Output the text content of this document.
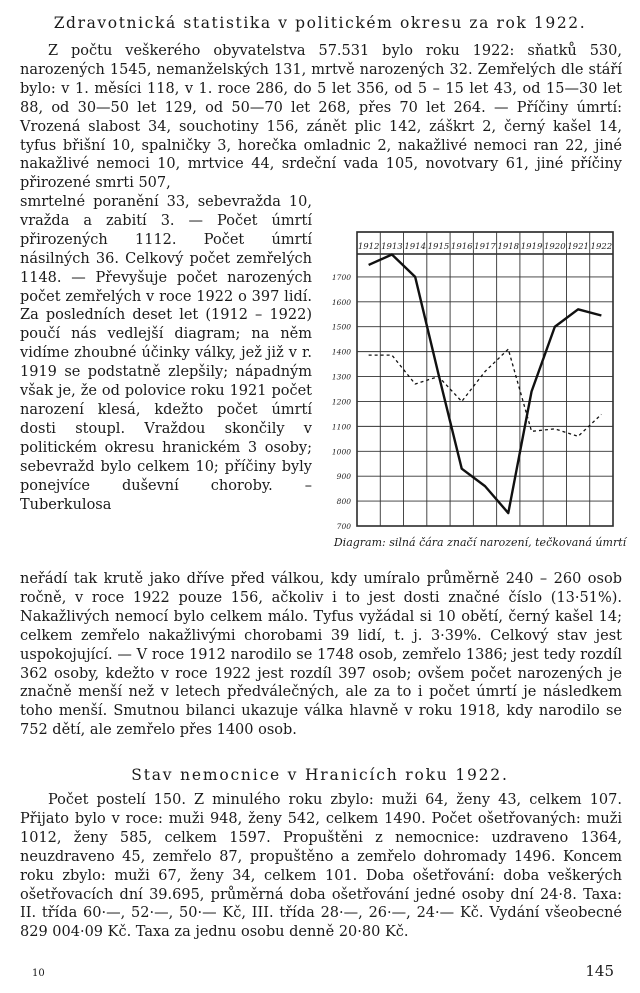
Zdravotnická statistika v politickém okresu za rok 1922.

Z počtu veškerého obyvatelstva 57.531 bylo roku 1922: sňatků 530, narozených 1545, nemanželských 131, mrtvě narozených 32. Zemřelých dle stáří bylo: v 1. měsíci 118, v 1. roce 286, do 5 let 356, od 5 – 15 let 43, od 15—30 let 88, od 30—50 let 129, od 50—70 let 268, přes 70 let 264. — Příčiny úmrtí: Vrozená slabost 34, souchotiny 156, zánět plic 142, záškrt 2, černý kašel 14, tyfus břišní 10, spalničky 3, horečka omladnic 2, nakažlivé nemoci ran 22, jiné nakažlivé nemoci 10, mrtvice 44, srdeční vada 105, novotvary 61, jiné příčiny přirozené smrti 507,

smrtelné poranění 33, sebevražda 10, vražda a zabití 3. — Počet úmrtí přirozených 1112. Počet úmrtí násilných 36. Celkový počet zemřelých 1148. — Převyšuje počet narozených počet zemřelých v roce 1922 o 397 lidí. Za posledních deset let (1912 – 1922) poučí nás vedlejší diagram; na něm vidíme zhoubné účinky války, jež již v r. 1919 se podstatně zlepšily; nápadným však je, že od polovice roku 1921 počet narození klesá, kdežto počet úmrtí dosti stoupl. Vraždou skončily v politickém okresu hranickém 3 osoby; sebevražd bylo celkem 10; příčiny byly ponejvíce duševní choroby. – Tuberkulosa

1912 1913 1914 1915 1916 1917 1918 1919 1920 1921 1922
1700
1600
1500
1400
1300
1200
1100
1000
900
800
700
Diagram: silná čára značí narození, tečkovaná úmrtí

neřádí tak krutě jako dříve před válkou, kdy umíralo průměrně 240 – 260 osob ročně, v roce 1922 pouze 156, ačkoliv i to jest dosti značné číslo (13·51%). Nakažlivých nemocí bylo celkem málo. Tyfus vyžádal si 10 obětí, černý kašel 14; celkem zemřelo nakažlivými chorobami 39 lidí, t. j. 3·39%. Celkový stav jest uspokojující. — V roce 1912 narodilo se 1748 osob, zemřelo 1386; jest tedy rozdíl 362 osoby, kdežto v roce 1922 jest rozdíl 397 osob; ovšem počet narozených je značně menší než v letech předválečných, ale za to i počet úmrtí je následkem toho menší. Smutnou bilanci ukazuje válka hlavně v roku 1918, kdy narodilo se 752 dětí, ale zemřelo přes 1400 osob.

Stav nemocnice v Hranicích roku 1922.

Počet postelí 150. Z minulého roku zbylo: muži 64, ženy 43, celkem 107. Přijato bylo v roce: muži 948, ženy 542, celkem 1490. Počet ošetřovaných: muži 1012, ženy 585, celkem 1597. Propuštěni z nemocnice: uzdraveno 1364, neuzdraveno 45, zemřelo 87, propuštěno a zemřelo dohromady 1496. Koncem roku zbylo: muži 67, ženy 34, celkem 101. Doba ošetřování: doba veškerých ošetřovacích dní 39.695, průměrná doba ošetřování jedné osoby dní 24·8. Taxa: II. třída 60·—, 52·—, 50·— Kč, III. třída 28·—, 26·—, 24·— Kč. Vydání všeobecné 829 004·09 Kč. Taxa za jednu osobu denně 20·80 Kč.

10	145
